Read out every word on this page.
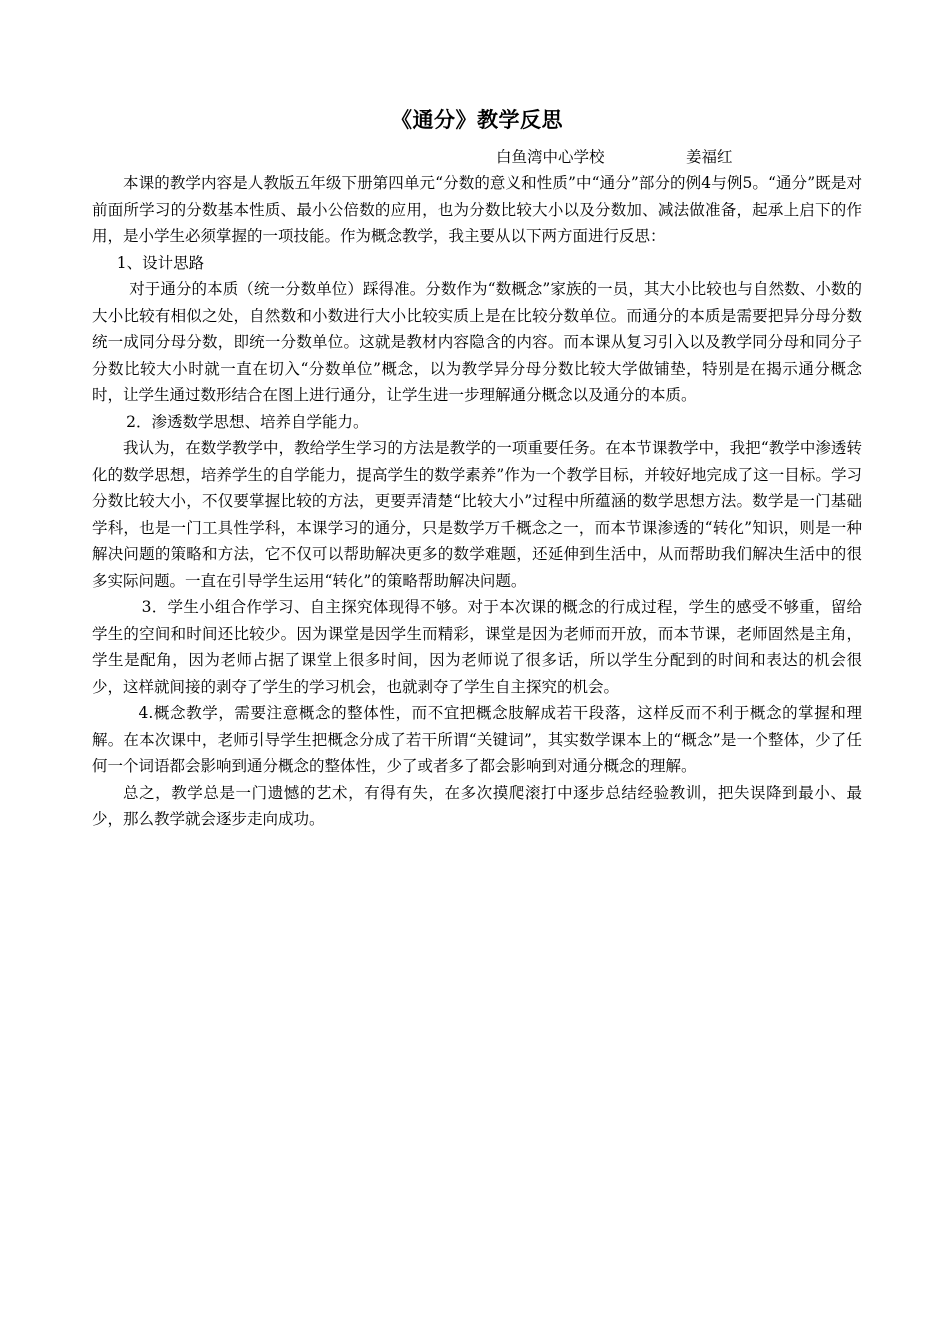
《通分》教学反思
白鱼湾中心学校	姜福红

本课的教学内容是人教版五年级下册第四单元“分数的意义和性质”中“通分”部分的例4与例5。“通分”既是对前面所学习的分数基本性质、最小公倍数的应用，也为分数比较大小以及分数加、减法做准备，起承上启下的作用，是小学生必须掌握的一项技能。作为概念教学，我主要从以下两方面进行反思：

1、设计思路

对于通分的本质（统一分数单位）踩得准。分数作为“数概念”家族的一员，其大小比较也与自然数、小数的大小比较有相似之处，自然数和小数进行大小比较实质上是在比较分数单位。而通分的本质是需要把异分母分数统一成同分母分数，即统一分数单位。这就是教材内容隐含的内容。而本课从复习引入以及教学同分母和同分子分数比较大小时就一直在切入“分数单位”概念，以为教学异分母分数比较大学做铺垫，特别是在揭示通分概念时，让学生通过数形结合在图上进行通分，让学生进一步理解通分概念以及通分的本质。

2．渗透数学思想、培养自学能力。

我认为，在数学教学中，教给学生学习的方法是教学的一项重要任务。在本节课教学中，我把“教学中渗透转化的数学思想，培养学生的自学能力，提高学生的数学素养”作为一个教学目标，并较好地完成了这一目标。学习分数比较大小，不仅要掌握比较的方法，更要弄清楚“比较大小”过程中所蕴涵的数学思想方法。数学是一门基础学科，也是一门工具性学科，本课学习的通分，只是数学万千概念之一，而本节课渗透的“转化”知识，则是一种解决问题的策略和方法，它不仅可以帮助解决更多的数学难题，还延伸到生活中，从而帮助我们解决生活中的很多实际问题。一直在引导学生运用“转化”的策略帮助解决问题。

3．学生小组合作学习、自主探究体现得不够。对于本次课的概念的行成过程，学生的感受不够重，留给学生的空间和时间还比较少。因为课堂是因学生而精彩，课堂是因为老师而开放，而本节课，老师固然是主角，学生是配角，因为老师占据了课堂上很多时间，因为老师说了很多话，所以学生分配到的时间和表达的机会很少，这样就间接的剥夺了学生的学习机会，也就剥夺了学生自主探究的机会。

4.概念教学，需要注意概念的整体性，而不宜把概念肢解成若干段落，这样反而不利于概念的掌握和理解。在本次课中，老师引导学生把概念分成了若干所谓“关键词”，其实数学课本上的“概念”是一个整体，少了任何一个词语都会影响到通分概念的整体性，少了或者多了都会影响到对通分概念的理解。

总之，教学总是一门遗憾的艺术，有得有失，在多次摸爬滚打中逐步总结经验教训，把失误降到最小、最少，那么教学就会逐步走向成功。
